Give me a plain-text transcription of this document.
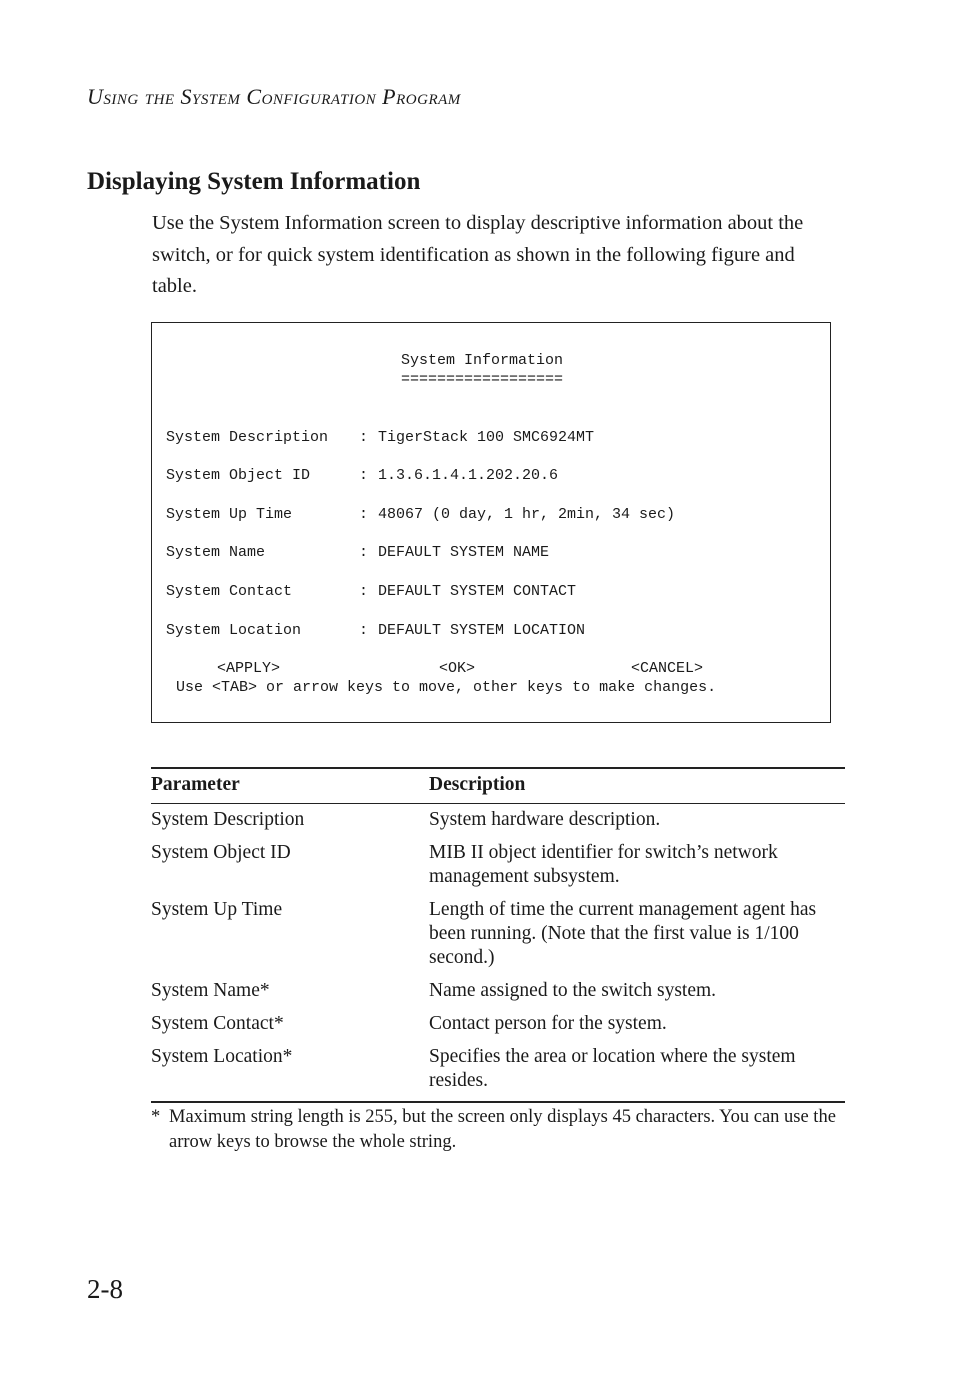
Using the System Configuration Program
Displaying System Information

Use the System Information screen to display descriptive information about the switch, or for quick system identification as shown in the following figure and table.

System Information
==================
System Description : TigerStack 100 SMC6924MT
System Object ID	: 1.3.6.1.4.1.202.20.6
System Up Time	: 48067 (0 day, 1 hr, 2min, 34 sec)
System Name	: DEFAULT SYSTEM NAME
System Contact	: DEFAULT SYSTEM CONTACT
System Location	: DEFAULT SYSTEM LOCATION
<APPLY>	<OK>	<CANCEL>
Use <TAB> or arrow keys to move, other keys to make changes.
Parameter	Description
System Description	System hardware description.
System Object ID	MIB II object identifier for switch’s network management subsystem.
System Up Time	Length of time the current management agent has been running. (Note that the first value is 1/100 second.)
System Name*	Name assigned to the switch system.
System Contact*	Contact person for the system.
System Location*	Specifies the area or location where the system resides.
* Maximum string length is 255, but the screen only displays 45 characters. You can use the arrow keys to browse the whole string.
2-8
